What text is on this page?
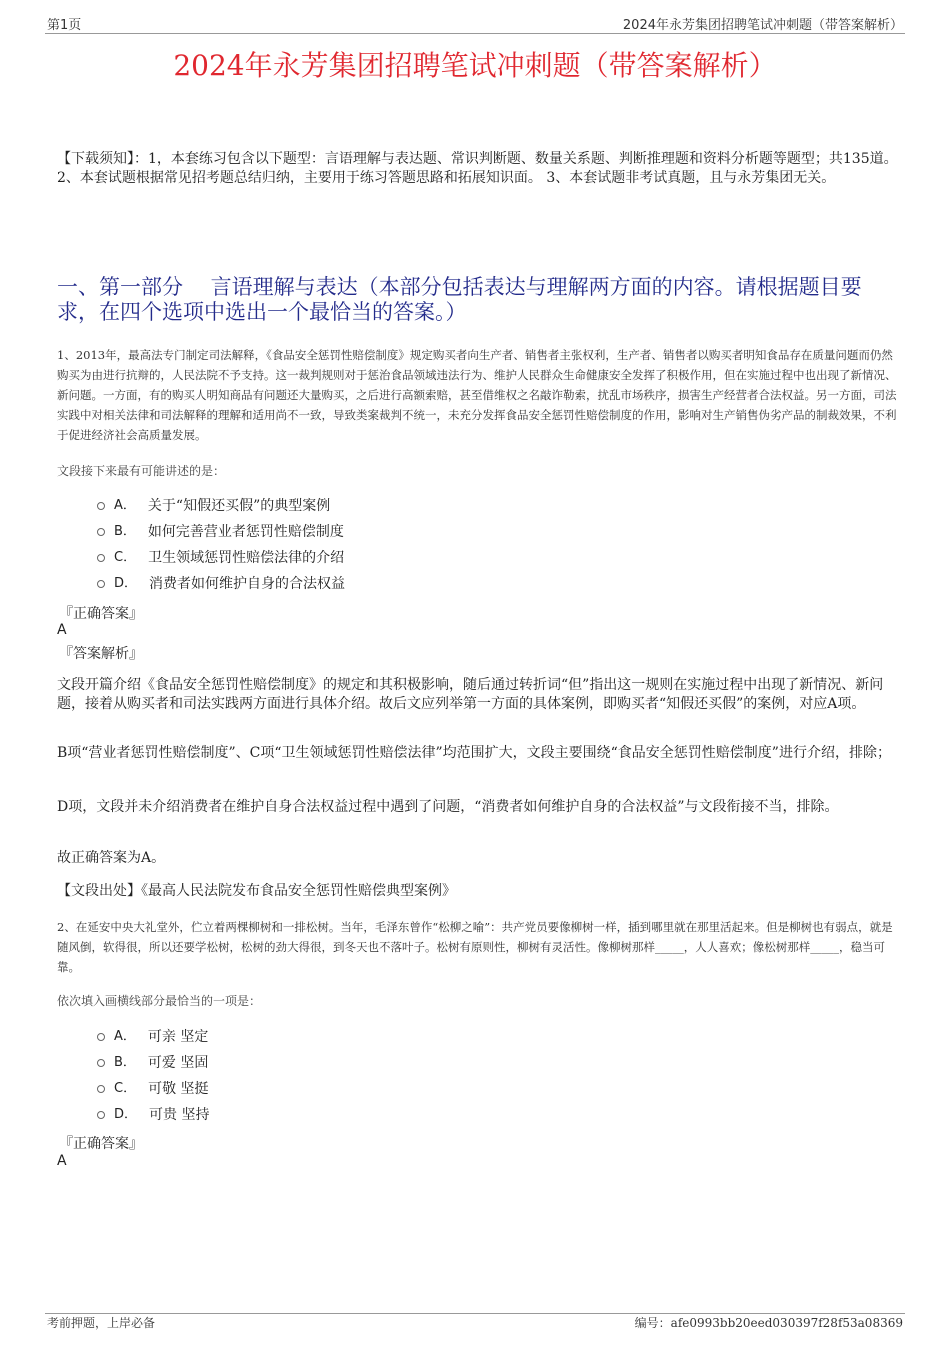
第1页	2024年永芳集团招聘笔试冲刺题（带答案解析）
2024年永芳集团招聘笔试冲刺题（带答案解析）
【下载须知】：1，本套练习包含以下题型：言语理解与表达题、常识判断题、数量关系题、判断推理题和资料分析题等题型；共135道。 2、本套试题根据常见招考题总结归纳，主要用于练习答题思路和拓展知识面。 3、本套试题非考试真题，且与永芳集团无关。
一、第一部分　 言语理解与表达（本部分包括表达与理解两方面的内容。请根据题目要求，在四个选项中选出一个最恰当的答案。）
1、2013年，最高法专门制定司法解释，《食品安全惩罚性赔偿制度》规定购买者向生产者、销售者主张权利，生产者、销售者以购买者明知食品存在质量问题而仍然购买为由进行抗辩的，人民法院不予支持。这一裁判规则对于惩治食品领域违法行为、维护人民群众生命健康安全发挥了积极作用，但在实施过程中也出现了新情况、新问题。一方面，有的购买人明知商品有问题还大量购买，之后进行高额索赔，甚至借维权之名敲诈勒索，扰乱市场秩序，损害生产经营者合法权益。另一方面，司法实践中对相关法律和司法解释的理解和适用尚不一致，导致类案裁判不统一，未充分发挥食品安全惩罚性赔偿制度的作用，影响对生产销售伪劣产品的制裁效果，不利于促进经济社会高质量发展。
文段接下来最有可能讲述的是：
A． 关于“知假还买假”的典型案例
B． 如何完善营业者惩罚性赔偿制度
C． 卫生领域惩罚性赔偿法律的介绍
D． 消费者如何维护自身的合法权益
『正确答案』
A
『答案解析』
文段开篇介绍《食品安全惩罚性赔偿制度》的规定和其积极影响，随后通过转折词“但”指出这一规则在实施过程中出现了新情况、新问题，接着从购买者和司法实践两方面进行具体介绍。故后文应列举第一方面的具体案例，即购买者“知假还买假”的案例，对应A项。
B项“营业者惩罚性赔偿制度”、C项“卫生领域惩罚性赔偿法律”均范围扩大，文段主要围绕“食品安全惩罚性赔偿制度”进行介绍，排除；
D项，文段并未介绍消费者在维护自身合法权益过程中遇到了问题，“消费者如何维护自身的合法权益”与文段衔接不当，排除。
故正确答案为A。
【文段出处】《最高人民法院发布食品安全惩罚性赔偿典型案例》
2、在延安中央大礼堂外，伫立着两棵柳树和一排松树。当年，毛泽东曾作“松柳之喻”：共产党员要像柳树一样，插到哪里就在那里活起来。但是柳树也有弱点，就是随风倒，软得很，所以还要学松树，松树的劲大得很，到冬天也不落叶子。松树有原则性，柳树有灵活性。像柳树那样_____，人人喜欢；像松树那样_____，稳当可靠。
依次填入画横线部分最恰当的一项是：
A． 可亲 坚定
B． 可爱 坚固
C． 可敬 坚挺
D． 可贵 坚持
『正确答案』
A
考前押题，上岸必备	编号：afe0993bb20eed030397f28f53a08369
